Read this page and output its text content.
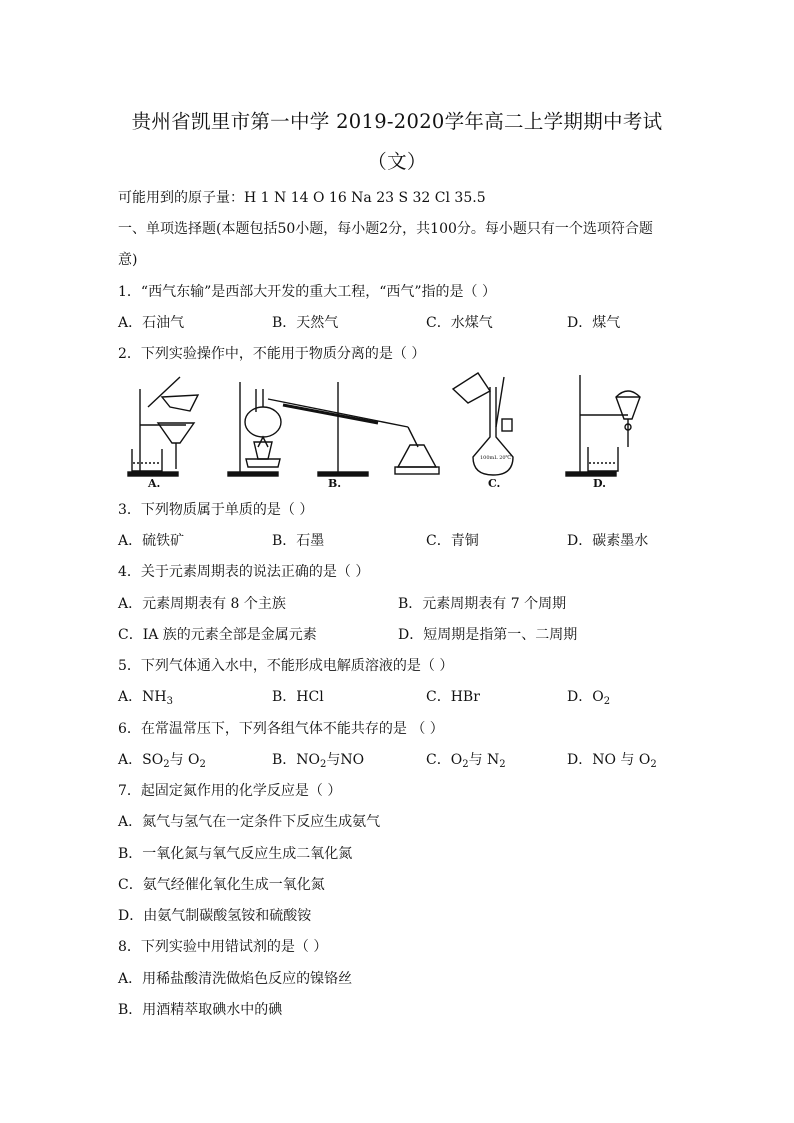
贵州省凯里市第一中学 2019-2020学年高二上学期期中考试
（文）
可能用到的原子量：H 1 N 14 O 16 Na 23 S 32 Cl 35.5
一、单项选择题(本题包括50小题，每小题2分，共100分。每小题只有一个选项符合题
意)
1．“西气东输”是西部大开发的重大工程，“西气”指的是（ ）
A．石油气	B．天然气	C．水煤气	D．煤气
2．下列实验操作中，不能用于物质分离的是（ ）
A.	B.
100mL 20℃
C.	D.
3．下列物质属于单质的是（ ）
A．硫铁矿	B．石墨	C．青铜	D．碳素墨水
4．关于元素周期表的说法正确的是（ ）
A．元素周期表有 8 个主族	B．元素周期表有 7 个周期
C．ⅠA 族的元素全部是金属元素	D．短周期是指第一、二周期
5．下列气体通入水中，不能形成电解质溶液的是（ ）
A．$NH_3$	B．HCl	C．HBr	D．$O_2$
6．在常温常压下，下列各组气体不能共存的是 （ ）
A．$SO_2$与 $O_2$	B．$NO_2$与NO	C．$O_2$与 $N_2$	D．NO 与 $O_2$
7．起固定氮作用的化学反应是（ ）
A．氮气与氢气在一定条件下反应生成氨气
B．一氧化氮与氧气反应生成二氧化氮
C．氨气经催化氧化生成一氧化氮
D．由氨气制碳酸氢铵和硫酸铵
8．下列实验中用错试剂的是（ ）
A．用稀盐酸清洗做焰色反应的镍铬丝
B．用酒精萃取碘水中的碘
